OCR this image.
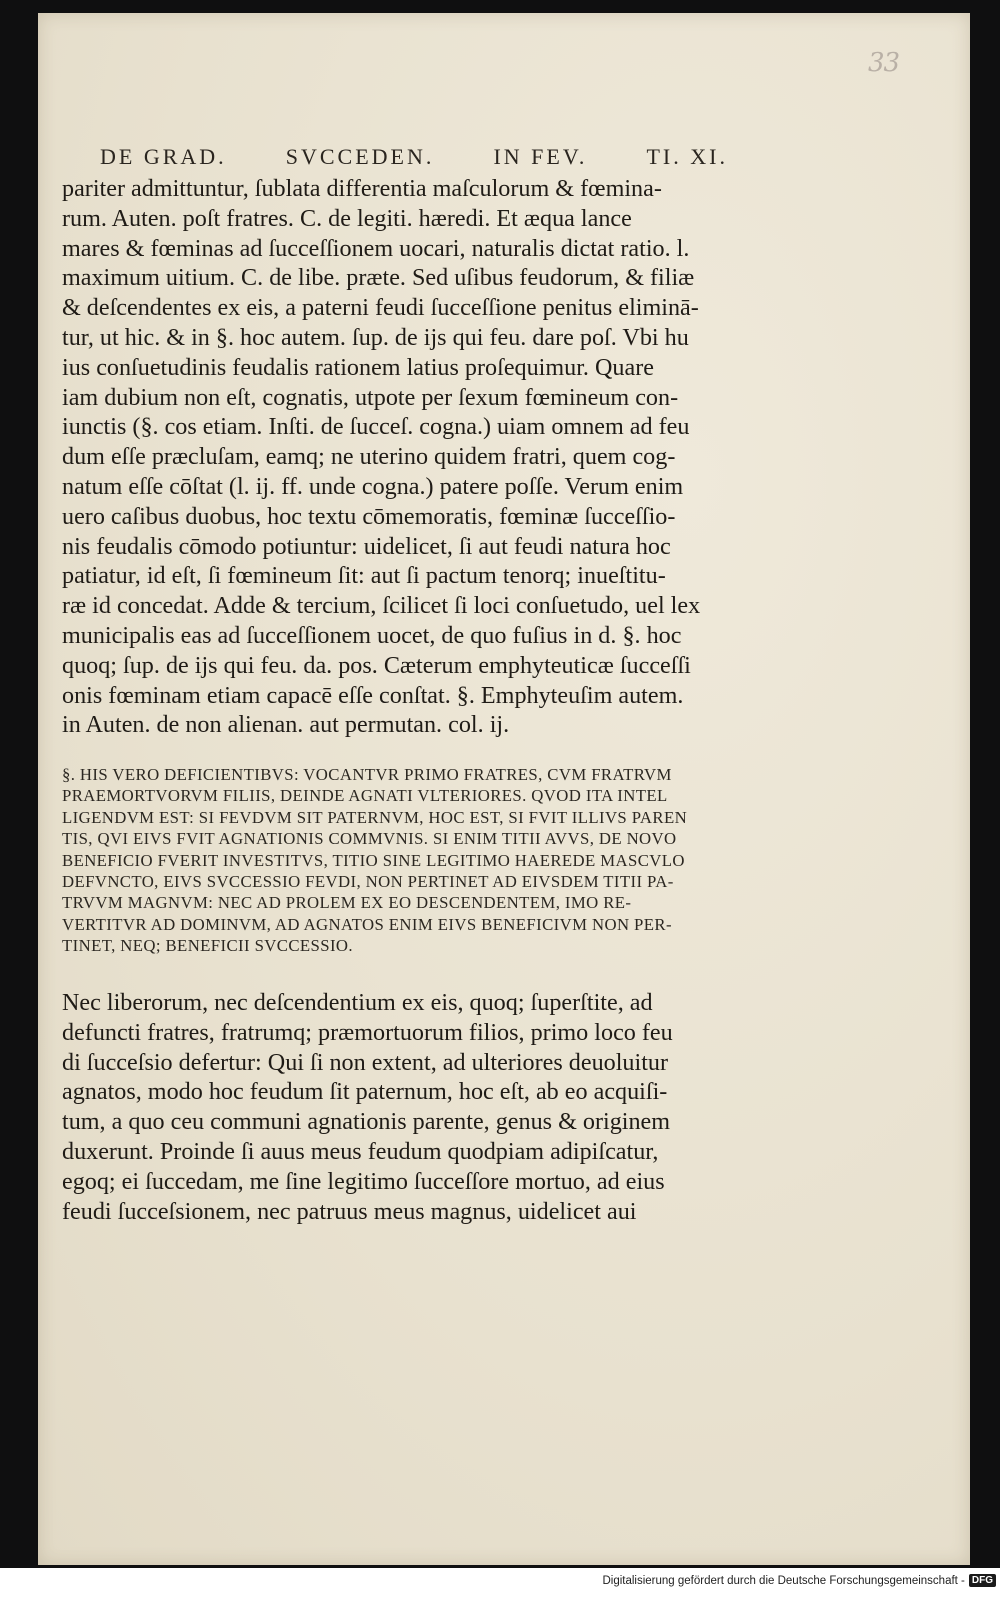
33
DE GRAD.	SVCCEDEN.	IN FEV.	TI. XI.
pariter admittuntur, ſublata differentia maſculorum & fœmina-
rum. Auten. poſt fratres. C. de legiti. hæredi. Et æqua lance
mares & fœminas ad ſucceſſionem uocari, naturalis dictat ratio. l.
maximum uitium. C. de libe. præte. Sed uſibus feudorum, & filiæ
& deſcendentes ex eis, a paterni feudi ſucceſſione penitus eliminā-
tur, ut hic. & in §. hoc autem. ſup. de ijs qui feu. dare poſ. Vbi hu
ius conſuetudinis feudalis rationem latius proſequimur. Quare
iam dubium non eſt, cognatis, utpote per ſexum fœmineum con-
iunctis (§. cos etiam. Inſti. de ſucceſ. cogna.) uiam omnem ad feu
dum eſſe præcluſam, eamq; ne uterino quidem fratri, quem cog-
natum eſſe cōſtat (l. ij. ff. unde cogna.) patere poſſe. Verum enim
uero caſibus duobus, hoc textu cōmemoratis, fœminæ ſucceſſio-
nis feudalis cōmodo potiuntur: uidelicet, ſi aut feudi natura hoc
patiatur, id eſt, ſi fœmineum ſit: aut ſi pactum tenorq; inueſtitu-
ræ id concedat. Adde & tercium, ſcilicet ſi loci conſuetudo, uel lex
municipalis eas ad ſucceſſionem uocet, de quo fuſius in d. §. hoc
quoq; ſup. de ijs qui feu. da. pos. Cæterum emphyteuticæ ſucceſſi
onis fœminam etiam capacē eſſe conſtat. §. Emphyteuſim autem.
in Auten. de non alienan. aut permutan. col. ij.
§. HIS VERO DEFICIENTIBVS: VOCANTVR PRIMO FRATRES, CVM FRATRVM
PRAEMORTVORVM FILIIS, DEINDE AGNATI VLTERIORES. QVOD ITA INTEL
LIGENDVM EST: SI FEVDVM SIT PATERNVM, HOC EST, SI FVIT ILLIVS PAREN
TIS, QVI EIVS FVIT AGNATIONIS COMMVNIS. SI ENIM TITII AVVS, DE NOVO
BENEFICIO FVERIT INVESTITVS, TITIO SINE LEGITIMO HAEREDE MASCVLO
DEFVNCTO, EIVS SVCCESSIO FEVDI, NON PERTINET AD EIVSDEM TITII PA-
TRVVM MAGNVM: NEC AD PROLEM EX EO DESCENDENTEM, IMO RE-
VERTITVR AD DOMINVM, AD AGNATOS ENIM EIVS BENEFICIVM NON PER-
TINET, NEQ; BENEFICII SVCCESSIO.
Nec liberorum, nec deſcendentium ex eis, quoq; ſuperſtite, ad
defuncti fratres, fratrumq; præmortuorum filios, primo loco feu
di ſucceſsio defertur: Qui ſi non extent, ad ulteriores deuoluitur
agnatos, modo hoc feudum ſit paternum, hoc eſt, ab eo acquiſi-
tum, a quo ceu communi agnationis parente, genus & originem
duxerunt. Proinde ſi auus meus feudum quodpiam adipiſcatur,
egoq; ei ſuccedam, me ſine legitimo ſucceſſore mortuo, ad eius
feudi ſucceſsionem, nec patruus meus magnus, uidelicet aui
Digitalisierung gefördert durch die Deutsche Forschungsgemeinschaft - DFG
